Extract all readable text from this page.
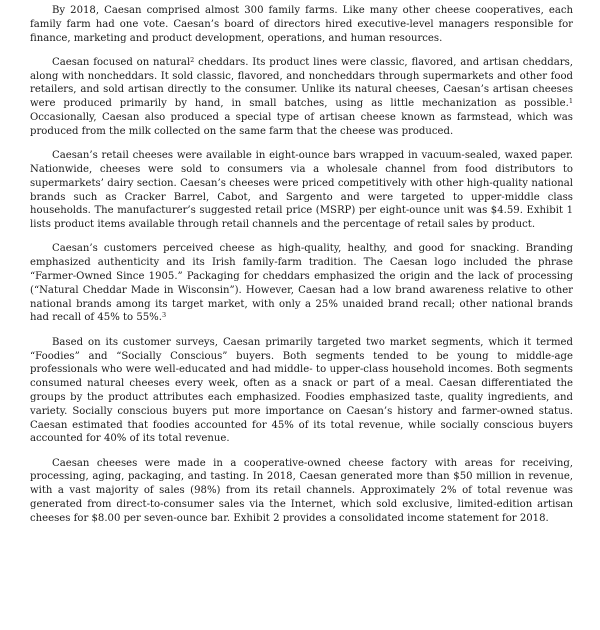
By 2018, Caesan comprised almost 300 family farms. Like many other cheese cooperatives, each family farm had one vote. Caesan’s board of directors hired executive-level managers responsible for finance, marketing and product development, operations, and human resources.

Caesan focused on natural$^2$ cheddars. Its product lines were classic, flavored, and artisan cheddars, along with noncheddars. It sold classic, flavored, and noncheddars through supermarkets and other food retailers, and sold artisan directly to the consumer. Unlike its natural cheeses, Caesan’s artisan cheeses were produced primarily by hand, in small batches, using as little mechanization as possible.$^1$ Occasionally, Caesan also produced a special type of artisan cheese known as farmstead, which was produced from the milk collected on the same farm that the cheese was produced.

Caesan’s retail cheeses were available in eight-ounce bars wrapped in vacuum-sealed, waxed paper. Nationwide, cheeses were sold to consumers via a wholesale channel from food distributors to supermarkets’ dairy section. Caesan’s cheeses were priced competitively with other high-quality national brands such as Cracker Barrel, Cabot, and Sargento and were targeted to upper-middle class households. The manufacturer’s suggested retail price (MSRP) per eight-ounce unit was $4.59. Exhibit 1 lists product items available through retail channels and the percentage of retail sales by product.

Caesan’s customers perceived cheese as high-quality, healthy, and good for snacking. Branding emphasized authenticity and its Irish family-farm tradition. The Caesan logo included the phrase “Farmer-Owned Since 1905.” Packaging for cheddars emphasized the origin and the lack of processing (“Natural Cheddar Made in Wisconsin”). However, Caesan had a low brand awareness relative to other national brands among its target market, with only a 25% unaided brand recall; other national brands had recall of 45% to 55%.$^3$

Based on its customer surveys, Caesan primarily targeted two market segments, which it termed “Foodies” and “Socially Conscious” buyers. Both segments tended to be young to middle-age professionals who were well-educated and had middle- to upper-class household incomes. Both segments consumed natural cheeses every week, often as a snack or part of a meal. Caesan differentiated the groups by the product attributes each emphasized. Foodies emphasized taste, quality ingredients, and variety. Socially conscious buyers put more importance on Caesan’s history and farmer-owned status. Caesan estimated that foodies accounted for 45% of its total revenue, while socially conscious buyers accounted for 40% of its total revenue.

Caesan cheeses were made in a cooperative-owned cheese factory with areas for receiving, processing, aging, packaging, and tasting. In 2018, Caesan generated more than $50 million in revenue, with a vast majority of sales (98%) from its retail channels. Approximately 2% of total revenue was generated from direct-to-consumer sales via the Internet, which sold exclusive, limited-edition artisan cheeses for $8.00 per seven-ounce bar. Exhibit 2 provides a consolidated income statement for 2018.
